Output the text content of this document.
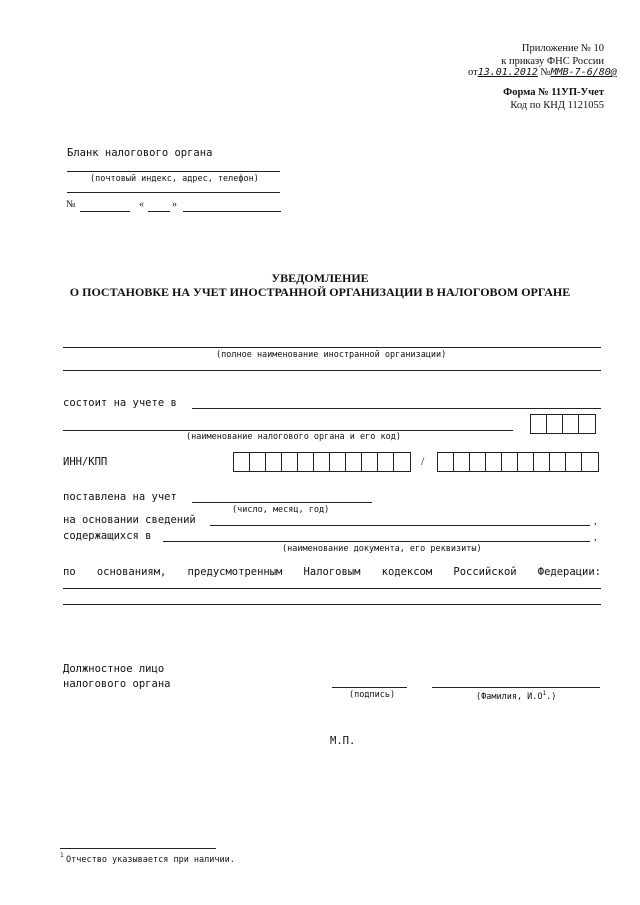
Приложение № 10
к приказу ФНС России
от13.01.2012 №ММВ-7-6/80@
Форма № 11УП-Учет
Код по КНД 1121055
Бланк налогового органа
(почтовый индекс, адрес, телефон)
№	«	»
УВЕДОМЛЕНИЕ
О ПОСТАНОВКЕ НА УЧЕТ ИНОСТРАННОЙ ОРГАНИЗАЦИИ В НАЛОГОВОМ ОРГАНЕ
(полное наименование иностранной организации)
состоит на учете в
(наименование налогового органа и его код)
ИНН/КПП	/
поставлена на учет
(число, месяц, год)
на основании сведений	,
содержащихся в	,
(наименование документа, его реквизиты)
по основаниям, предусмотренным Налоговым кодексом Российской Федерации:
Должностное лицо
налогового органа
(подпись)	(Фамилия, $И.О^1$.)
М.П.
1 Отчество указывается при наличии.
